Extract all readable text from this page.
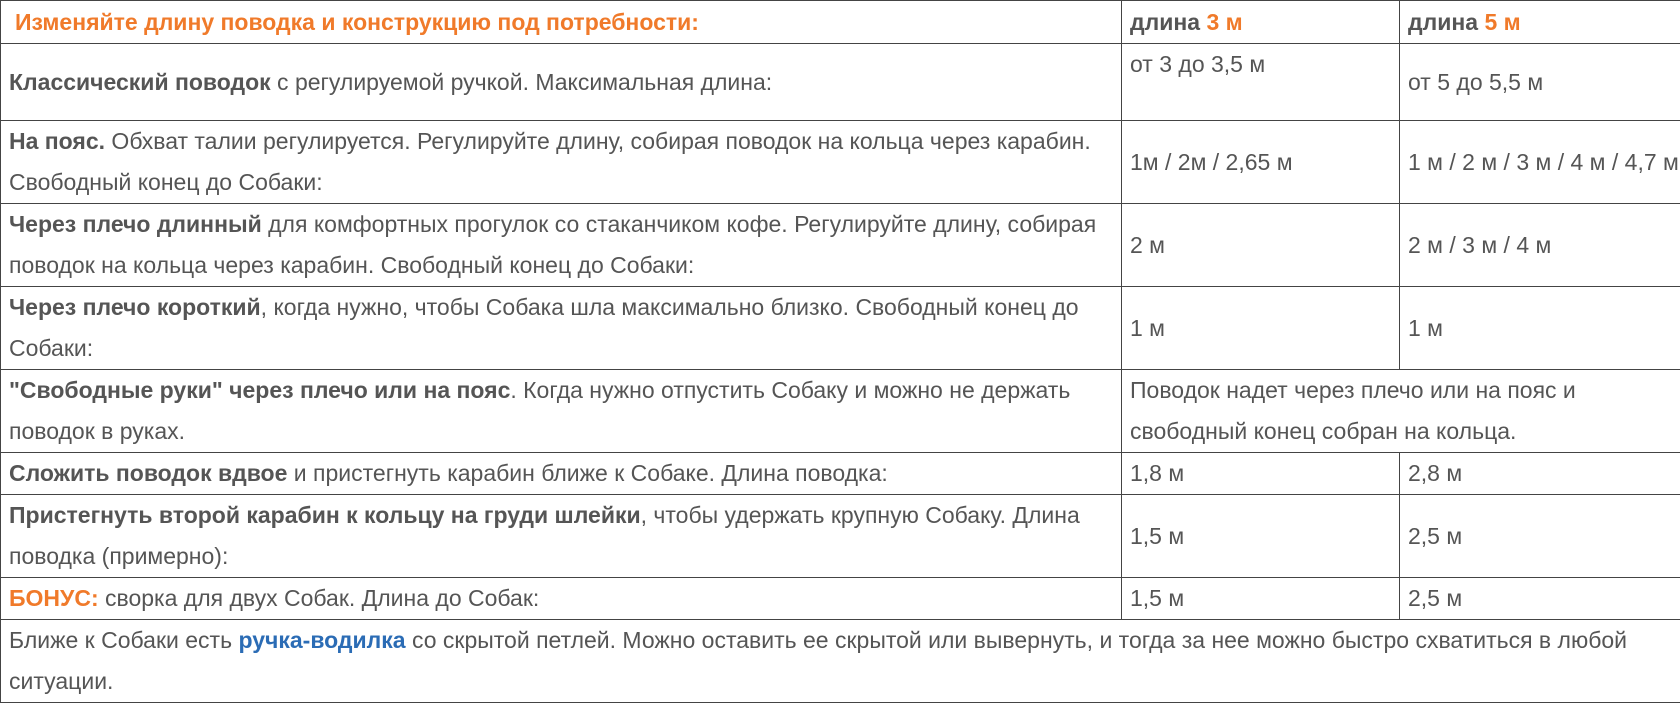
Изменяйте длину поводка и конструкцию под потребности:	длина 3 м	длина 5 м
Классический поводок с регулируемой ручкой. Максимальная длина:	от 3 до 3,5 м	от 5 до 5,5 м
На пояс. Обхват талии регулируется. Регулируйте длину, собирая поводок на кольца через карабин. Свободный конец до Собаки:	1м / 2м / 2,65 м	1 м / 2 м / 3 м / 4 м / 4,7 м
Через плечо длинный для комфортных прогулок со стаканчиком кофе. Регулируйте длину, собирая поводок на кольца через карабин. Свободный конец до Собаки:	2 м	2 м / 3 м / 4 м
Через плечо короткий, когда нужно, чтобы Собака шла максимально близко. Свободный конец до Собаки:	1 м	1 м
"Свободные руки" через плечо или на пояс. Когда нужно отпустить Собаку и можно не держать поводок в руках.	Поводок надет через плечо или на пояс и свободный конец собран на кольца.	
Сложить поводок вдвое и пристегнуть карабин ближе к Собаке. Длина поводка:	1,8 м	2,8 м
Пристегнуть второй карабин к кольцу на груди шлейки, чтобы удержать крупную Собаку. Длина поводка (примерно):	1,5 м	2,5 м
БОНУС: сворка для двух Собак. Длина до Собак:	1,5 м	2,5 м
Ближе к Собаки есть ручка-водилка со скрытой петлей. Можно оставить ее скрытой или вывернуть, и тогда за нее можно быстро схватиться в любой ситуации.		
